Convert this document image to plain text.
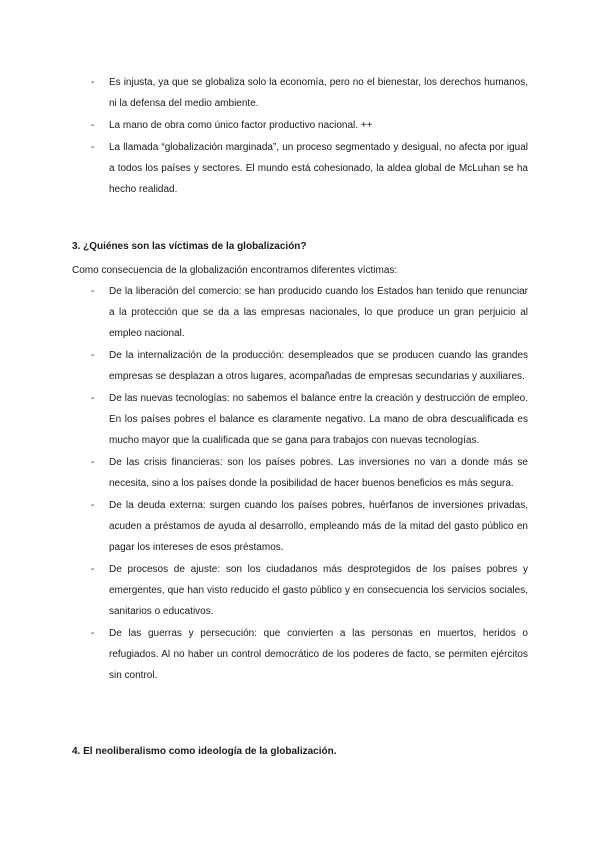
- Es injusta, ya que se globaliza solo la economía, pero no el bienestar, los derechos humanos, ni la defensa del medio ambiente.
- La mano de obra como único factor productivo nacional. ++
- La llamada “globalización marginada”, un proceso segmentado y desigual, no afecta por igual a todos los países y sectores. El mundo está cohesionado, la aldea global de McLuhan se ha hecho realidad.
3. ¿Quiénes son las víctimas de la globalización?

Como consecuencia de la globalización encontramos diferentes víctimas:

- De la liberación del comercio: se han producido cuando los Estados han tenido que renunciar a la protección que se da a las empresas nacionales, lo que produce un gran perjuicio al empleo nacional.
- De la internalización de la producción: desempleados que se producen cuando las grandes empresas se desplazan a otros lugares, acompañadas de empresas secundarias y auxiliares.
- De las nuevas tecnologías: no sabemos el balance entre la creación y destrucción de empleo. En los países pobres el balance es claramente negativo. La mano de obra descualificada es mucho mayor que la cualificada que se gana para trabajos con nuevas tecnologías.
- De las crisis financieras: son los países pobres. Las inversiones no van a donde más se necesita, sino a los países donde la posibilidad de hacer buenos beneficios es más segura.
- De la deuda externa: surgen cuando los países pobres, huérfanos de inversiones privadas, acuden a préstamos de ayuda al desarrollo, empleando más de la mitad del gasto público en pagar los intereses de esos préstamos.
- De procesos de ajuste: son los ciudadanos más desprotegidos de los países pobres y emergentes, que han visto reducido el gasto público y en consecuencia los servicios sociales, sanitarios o educativos.
- De las guerras y persecución: que convierten a las personas en muertos, heridos o refugiados. Al no haber un control democrático de los poderes de facto, se permiten ejércitos sin control.
4. El neoliberalismo como ideología de la globalización.
